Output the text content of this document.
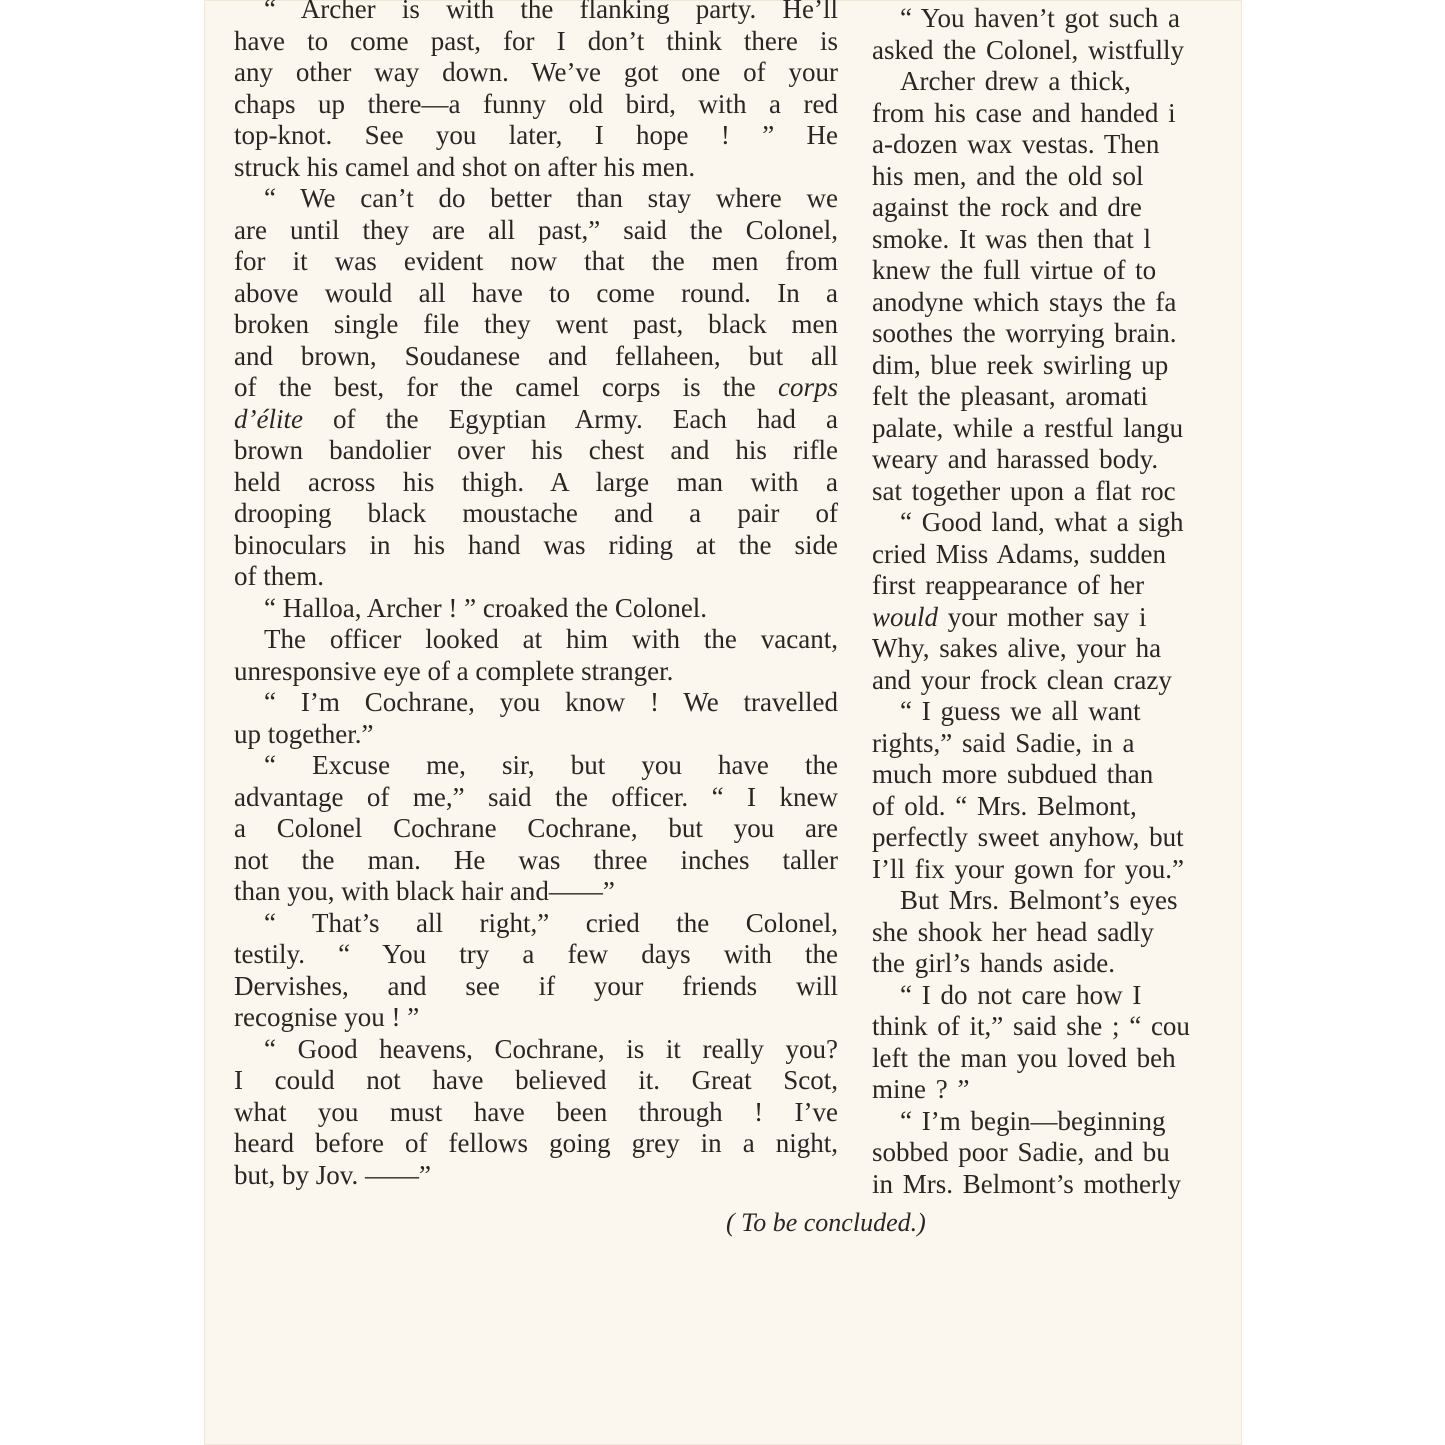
“ Archer is with the flanking party. He’ll
have to come past, for I don’t think there is
any other way down. We’ve got one of your
chaps up there—a funny old bird, with a red
top-knot. See you later, I hope ! ” He
struck his camel and shot on after his men.
“ We can’t do better than stay where we
are until they are all past,” said the Colonel,
for it was evident now that the men from
above would all have to come round. In a
broken single file they went past, black men
and brown, Soudanese and fellaheen, but all
of the best, for the camel corps is the corps
d’élite of the Egyptian Army. Each had a
brown bandolier over his chest and his rifle
held across his thigh. A large man with a
drooping black moustache and a pair of
binoculars in his hand was riding at the side
of them.
“ Halloa, Archer ! ” croaked the Colonel.
The officer looked at him with the vacant,
unresponsive eye of a complete stranger.
“ I’m Cochrane, you know ! We travelled
up together.”
“ Excuse me, sir, but you have the
advantage of me,” said the officer. “ I knew
a Colonel Cochrane Cochrane, but you are
not the man. He was three inches taller
than you, with black hair and——”
“ That’s all right,” cried the Colonel,
testily. “ You try a few days with the
Dervishes, and see if your friends will
recognise you ! ”
“ Good heavens, Cochrane, is it really you?
I could not have believed it. Great Scot,
what you must have been through ! I’ve
heard before of fellows going grey in a night,
but, by Jov. ——”
“ You haven’t got such a
asked the Colonel, wistfully
Archer drew a thick,
from his case and handed i
a-dozen wax vestas. Then
his men, and the old sol
against the rock and dre
smoke. It was then that l
knew the full virtue of to
anodyne which stays the fa
soothes the worrying brain.
dim, blue reek swirling up
felt the pleasant, aromati
palate, while a restful langu
weary and harassed body.
sat together upon a flat roc
“ Good land, what a sigh
cried Miss Adams, sudden
first reappearance of her
would your mother say i
Why, sakes alive, your ha
and your frock clean crazy
“ I guess we all want
rights,” said Sadie, in a
much more subdued than
of old. “ Mrs. Belmont,
perfectly sweet anyhow, but
I’ll fix your gown for you.”
But Mrs. Belmont’s eyes
she shook her head sadly
the girl’s hands aside.
“ I do not care how I
think of it,” said she ; “ cou
left the man you loved beh
mine ? ”
“ I’m begin—beginning
sobbed poor Sadie, and bu
in Mrs. Belmont’s motherly
( To be concluded.)
